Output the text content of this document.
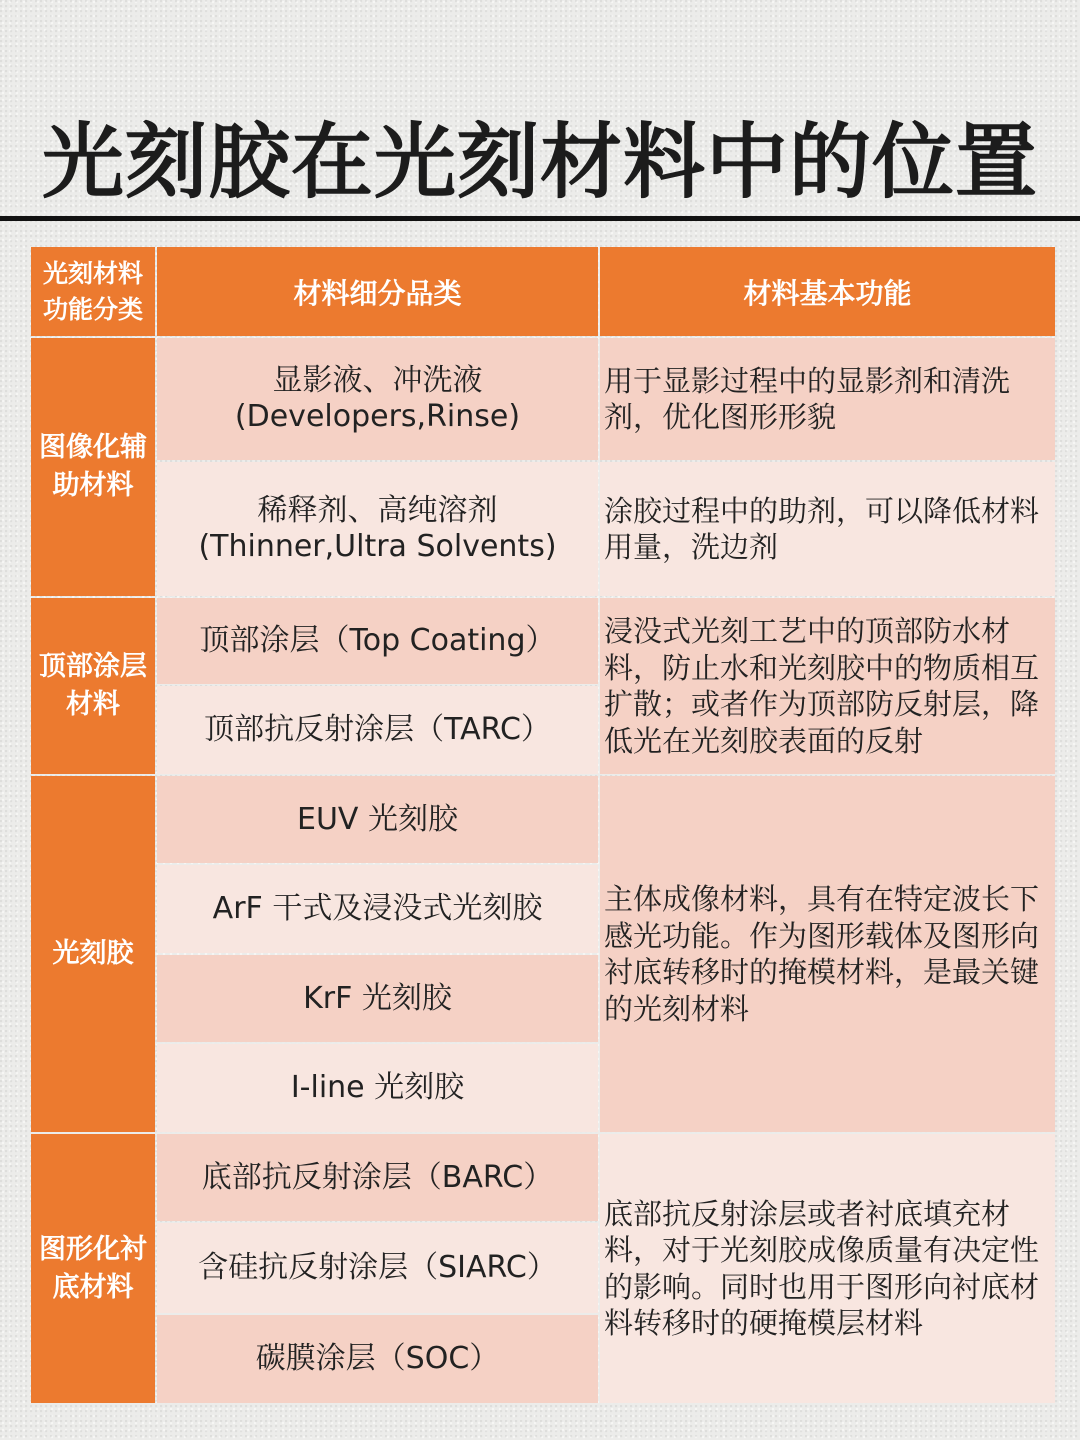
光刻胶在光刻材料中的位置
光刻材料功能分类	材料细分品类	材料基本功能
图像化辅助材料
显影液、冲洗液
(Developers,Rinse)
用于显影过程中的显影剂和清洗剂，优化图形形貌
稀释剂、高纯溶剂
(Thinner,Ultra Solvents)
涂胶过程中的助剂，可以降低材料用量，洗边剂
顶部涂层材料
顶部涂层（Top Coating）
顶部抗反射涂层（TARC）
浸没式光刻工艺中的顶部防水材料，防止水和光刻胶中的物质相互扩散；或者作为顶部防反射层，降低光在光刻胶表面的反射
光刻胶
EUV 光刻胶
ArF 干式及浸没式光刻胶
KrF 光刻胶
I-line 光刻胶
主体成像材料，具有在特定波长下感光功能。作为图形载体及图形向衬底转移时的掩模材料，是最关键的光刻材料
图形化衬底材料
底部抗反射涂层（BARC）
含硅抗反射涂层（SIARC）
碳膜涂层（SOC）
底部抗反射涂层或者衬底填充材料，对于光刻胶成像质量有决定性的影响。同时也用于图形向衬底材料转移时的硬掩模层材料
